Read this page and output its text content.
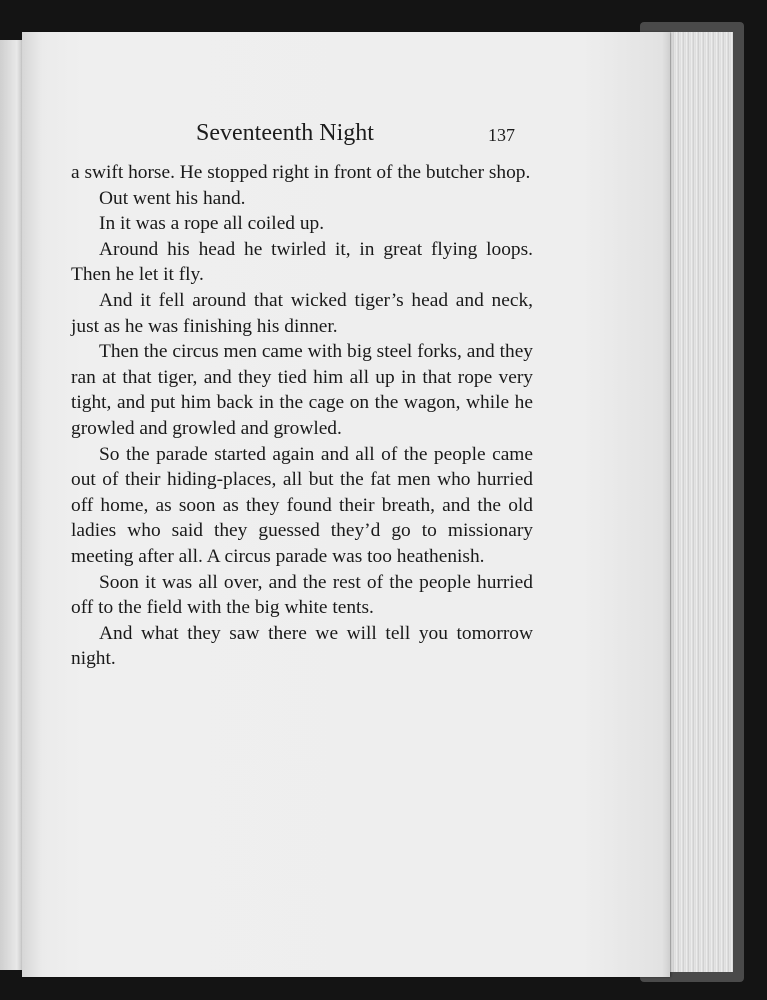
Seventeenth Night	137

a swift horse. He stopped right in front of the butcher shop.

Out went his hand.

In it was a rope all coiled up.

Around his head he twirled it, in great flying loops. Then he let it fly.

And it fell around that wicked tiger’s head and neck, just as he was finishing his dinner.

Then the circus men came with big steel forks, and they ran at that tiger, and they tied him all up in that rope very tight, and put him back in the cage on the wagon, while he growled and growled and growled.

So the parade started again and all of the people came out of their hiding-places, all but the fat men who hurried off home, as soon as they found their breath, and the old ladies who said they guessed they’d go to missionary meeting after all. A circus parade was too heathenish.

Soon it was all over, and the rest of the people hurried off to the field with the big white tents.

And what they saw there we will tell you tomorrow night.
